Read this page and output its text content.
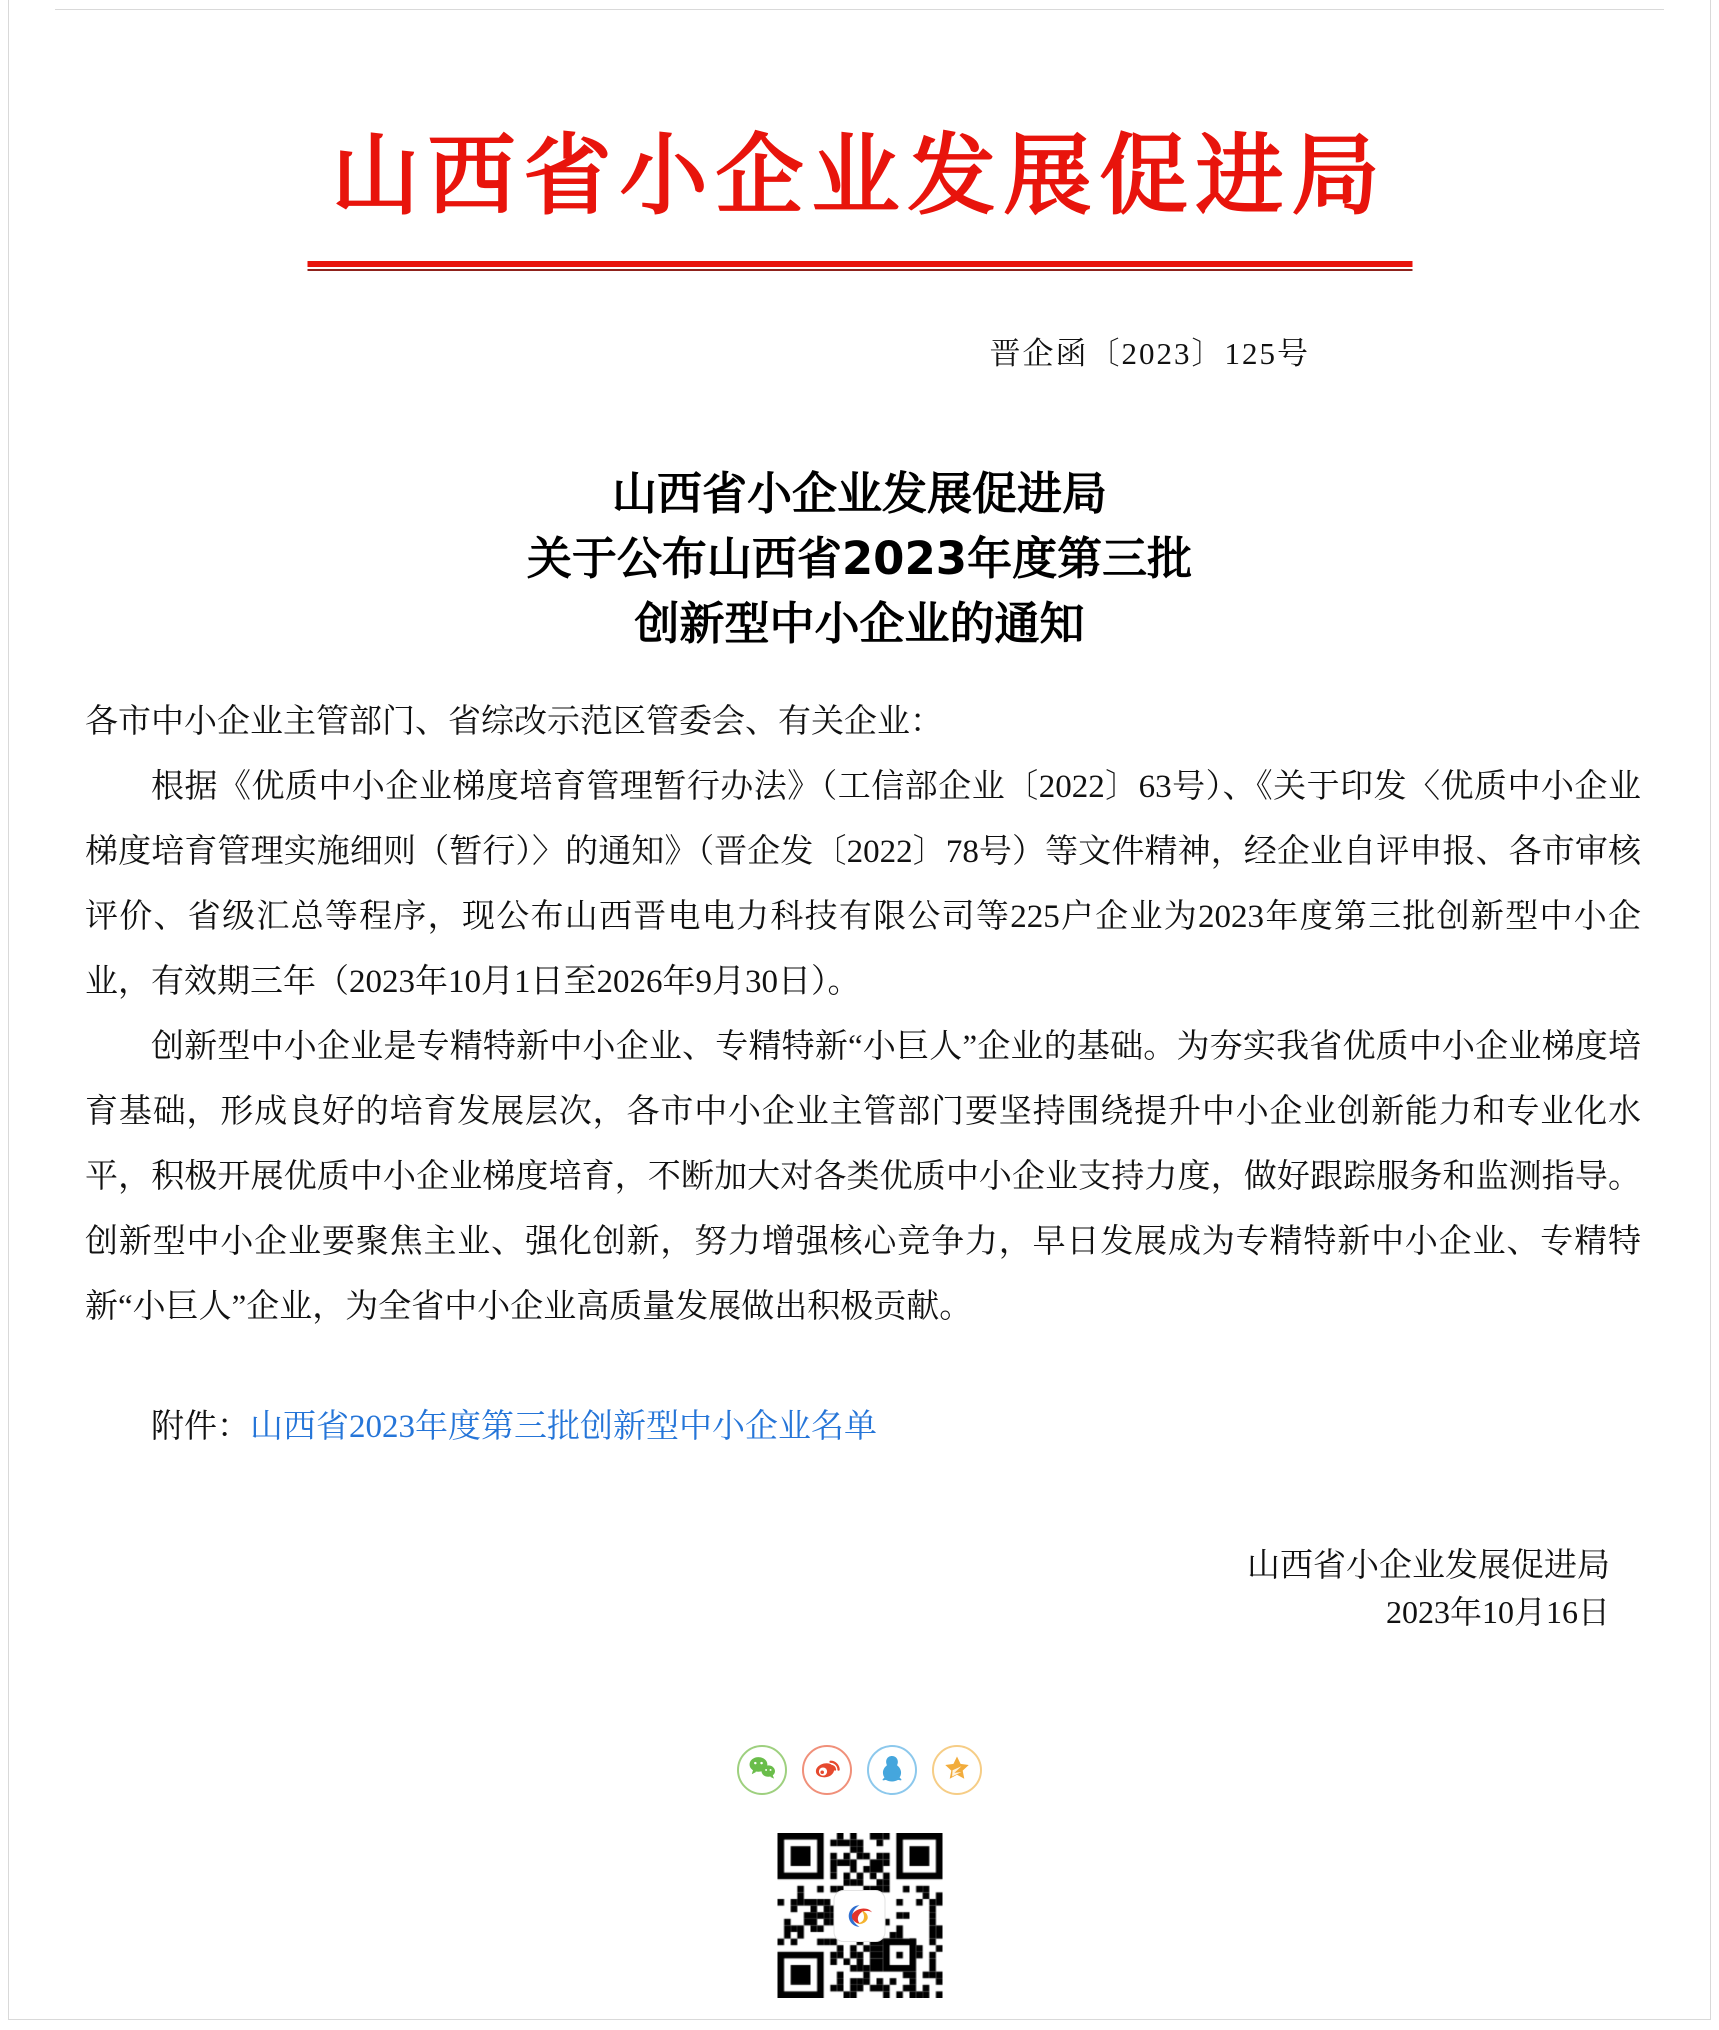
山西省小企业发展促进局
晋企函〔2023〕125号
山西省小企业发展促进局
关于公布山西省2023年度第三批
创新型中小企业的通知

各市中小企业主管部门、省综改示范区管委会、有关企业：

根据《优质中小企业梯度培育管理暂行办法》（工信部企业〔2022〕63号）、《关于印发〈优质中小企业梯度培育管理实施细则（暂行）〉的通知》（晋企发〔2022〕78号）等文件精神，经企业自评申报、各市审核评价、省级汇总等程序，现公布山西晋电电力科技有限公司等225户企业为2023年度第三批创新型中小企业，有效期三年（2023年10月1日至2026年9月30日）。

创新型中小企业是专精特新中小企业、专精特新“小巨人”企业的基础。为夯实我省优质中小企业梯度培育基础，形成良好的培育发展层次，各市中小企业主管部门要坚持围绕提升中小企业创新能力和专业化水平，积极开展优质中小企业梯度培育，不断加大对各类优质中小企业支持力度，做好跟踪服务和监测指导。创新型中小企业要聚焦主业、强化创新，努力增强核心竞争力，早日发展成为专精特新中小企业、专精特新“小巨人”企业，为全省中小企业高质量发展做出积极贡献。

附件：山西省2023年度第三批创新型中小企业名单
山西省小企业发展促进局
2023年10月16日
